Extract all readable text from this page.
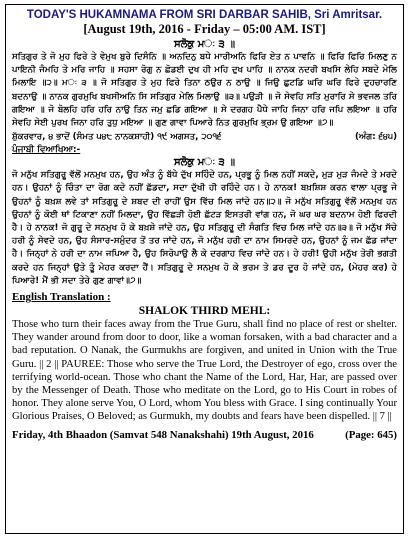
TODAY'S HUKAMNAMA FROM SRI DARBAR SAHIB, Sri Amritsar.
[August 19th, 2016 - Friday – 05:00 AM. IST]
ਸਲੋਕੁ ਮઃ ੩ ॥
ਸਤਿਗੁਰ ਤੇ ਜੋ ਮੁਹ ਫਿਰੇ ਤੇ ਵੇਮੁਖ ਬੁਰੇ ਦਿਸੰਨਿ ॥ ਅਨਦਿਨੁ ਬਧੇ ਮਾਰੀਅਨਿ ਫਿਰਿ ਏਤ ਨ ਪਾਵਨਿ ॥ ਫਿਰਿ ਫਿਰਿ ਮਿਲਣੁ ਨ ਪਾਇਨੀ ਜੰਮਹਿ ਤੇ ਮਰਿ ਜਾਹਿ ॥ ਸਹਸਾ ਰੋਗੁ ਨ ਛੋਡਈ ਦੁਖ ਹੀ ਮਹਿ ਦੁਖ ਪਾਹਿ ॥ ਨਾਨਕ ਨਦਰੀ ਬਖਸਿ ਲੇਹਿ ਸਬਦੇ ਮੇਲਿ ਮਿਲਾਇ ॥੨॥ ਮઃ ੩ ॥ ਜੋ ਸਤਿਗੁਰ ਤੇ ਮੁਹ ਫਿਰੇ ਤਿਨਾ ਠਉਰ ਨ ਠਾਉ ॥ ਜਿਉ ਛੁਟਡਿ ਘਰਿ ਘਰਿ ਫਿਰੇ ਦੁਹਚਾਰਣਿ ਬਦਨਾਉ ॥ ਨਾਨਕ ਗੁਰਮੁਖਿ ਬਖਸੀਅਨਿ ਸਿ ਸਤਿਗੁਰ ਮੇਲਿ ਮਿਲਾਉ ॥੩॥ ਪਉੜੀ ॥ ਜੋ ਸੇਵਹਿ ਸਤਿ ਮੁਰਾਰਿ ਸੇ ਭਵਜਲ ਤਰਿ ਗਇਆ ॥ ਜੋ ਬੋਲਹਿ ਹਰਿ ਹਰਿ ਨਾਉ ਤਿਨ ਜਮੁ ਛਡਿ ਗਇਆ ॥ ਸੇ ਦਰਗਹ ਪੈਧੇ ਜਾਹਿ ਜਿਨਾ ਹਰਿ ਜਪਿ ਲਇਆ ॥ ਹਰਿ ਸੇਵਹਿ ਸੇਈ ਪੁਰਖ ਜਿਨਾ ਹਰਿ ਤੁਧੁ ਮਇਆ ॥ ਗੁਣ ਗਾਵਾ ਪਿਆਰੇ ਨਿਤ ਗੁਰਮੁਖਿ ਭ੍ਰਮ ਉ ਗਇਆ ॥੭॥
ਸ਼ੁੱਕਰਵਾਰ, ੪ ਭਾਦੋਂ (ਸੰਮਤ ੫੪੮ ਨਾਨਕਸ਼ਾਹੀ) ੧੯ ਅਗਸਤ, ੨੦੧੬	(ਅੰਗ: ੬੪੫)
ਪੰਜਾਬੀ ਵਿਆਖਿਆ:-
ਸਲੋਕੁ ਮઃ ੩ ॥
ਜੋ ਮਨੁੱਖ ਸਤਿਗੁਰੂ ਵੱਲੋਂ ਮਨਮੁਖ ਹਨ, ਉਹ ਅੰਤ ਨੂੰ ਬੱਧੇ ਦੁੱਖ ਸਹਿੰਦੇ ਹਨ, ਪ੍ਰਭੂ ਨੂੰ ਮਿਲ ਨਹੀਂ ਸਕਦੇ, ਮੁੜ ਮੁੜ ਜੰਮਦੇ ਤੇ ਮਰਦੇ ਹਨ। ਉਹਨਾਂ ਨੂੰ ਚਿੰਤਾ ਦਾ ਰੋਗ ਕਦੇ ਨਹੀਂ ਛੱਡਦਾ, ਸਦਾ ਦੁੱਖੀ ਹੀ ਰਹਿੰਦੇ ਹਨ। ਹੇ ਨਾਨਕ! ਬਖ਼ਸ਼ਿਸ਼ ਕਰਨ ਵਾਲਾ ਪ੍ਰਭੂ ਜੇ ਉਹਨਾਂ ਨੂੰ ਬਖ਼ਸ਼ ਲਵੇ ਤਾਂ ਸਤਿਗੁਰੂ ਦੇ ਸ਼ਬਦ ਦੀ ਰਾਹੀਂ ਉਸ ਵਿੱਚ ਮਿਲ ਜਾਂਦੇ ਹਨ॥੨॥ ਜੋ ਮਨੁੱਖ ਸਤਿਗੁਰੂ ਵੱਲੋਂ ਮਨਮੁਖ ਹਨ ਉਹਨਾਂ ਨੂੰ ਕੋਈ ਥਾਂ ਟਿਕਾਣਾ ਨਹੀਂ ਮਿਲਦਾ, ਉਹ ਵਿੱਛੜੀ ਹੋਈ ਛੱਟੜ ਇਸਤਰੀ ਵਾਂਗ ਹਨ, ਜੋ ਘਰ ਘਰ ਬਦਨਾਮ ਹੋਈ ਫਿਰਦੀ ਹੈ। ਹੇ ਨਾਨਕ! ਜੋ ਗੁਰੂ ਦੇ ਸਨਮੁਖ ਹੋ ਕੇ ਬਖ਼ਸ਼ੇ ਜਾਂਦੇ ਹਨ, ਉਹ ਸਤਿਗੁਰੂ ਦੀ ਸੰਗਤਿ ਵਿਚ ਮਿਲ ਜਾਂਦੇ ਹਨ॥੩॥ ਜੋ ਮਨੁੱਖ ਸੱਚੇ ਹਰੀ ਨੂੰ ਸੇਵਦੇ ਹਨ, ਉਹ ਸੰਸਾਰ-ਸਮੁੰਦਰ ਤੋਂ ਤਰ ਜਾਂਦੇ ਹਨ, ਜੋ ਮਨੁੱਖ ਹਰੀ ਦਾ ਨਾਮ ਸਿਮਰਦੇ ਹਨ, ਉਹਨਾਂ ਨੂੰ ਜਮ ਛੱਡ ਜਾਂਦਾ ਹੈ। ਜਿਨ੍ਹਾਂ ਨੇ ਹਰੀ ਦਾ ਨਾਮ ਜਪਿਆ ਹੈ, ਉਹ ਸਿਰੋਪਾਉ ਲੈ ਕੇ ਦਰਗਾਹ ਵਿਚ ਜਾਂਦੇ ਹਨ। ਹੇ ਹਰੀ! ਉਹੀ ਮਨੁੱਖ ਤੇਰੀ ਭਗਤੀ ਕਰਦੇ ਹਨ ਜਿਨ੍ਹਾਂ ਉਤੇ ਤੂੰ ਮੇਹਰ ਕਰਦਾ ਹੈਂ। ਸਤਿਗੁਰੂ ਦੇ ਸਨਮੁਖ ਹੋ ਕੇ ਭਰਮ ਤੇ ਡਰ ਦੂਰ ਹੋ ਜਾਂਦੇ ਹਨ, (ਮੇਹਰ ਕਰ) ਹੇ ਪਿਆਰੇ! ਮੈਂ ਭੀ ਸਦਾ ਤੇਰੇ ਗੁਣ ਗਾਵਾਂ॥੭॥
English Translation :
SHALOK THIRD MEHL:
Those who turn their faces away from the True Guru, shall find no place of rest or shelter. They wander around from door to door, like a woman forsaken, with a bad character and a bad reputation. O Nanak, the Gurmukhs are forgiven, and united in Union with the True Guru. || 2 || PAUREE: Those who serve the True Lord, the Destroyer of ego, cross over the terrifying world-ocean. Those who chant the Name of the Lord, Har, Har, are passed over by the Messenger of Death. Those who meditate on the Lord, go to His Court in robes of honor. They alone serve You, O Lord, whom You bless with Grace. I sing continually Your Glorious Praises, O Beloved; as Gurmukh, my doubts and fears have been dispelled. || 7 ||
Friday, 4th Bhaadon (Samvat 548 Nanakshahi) 19th August, 2016	(Page: 645)
